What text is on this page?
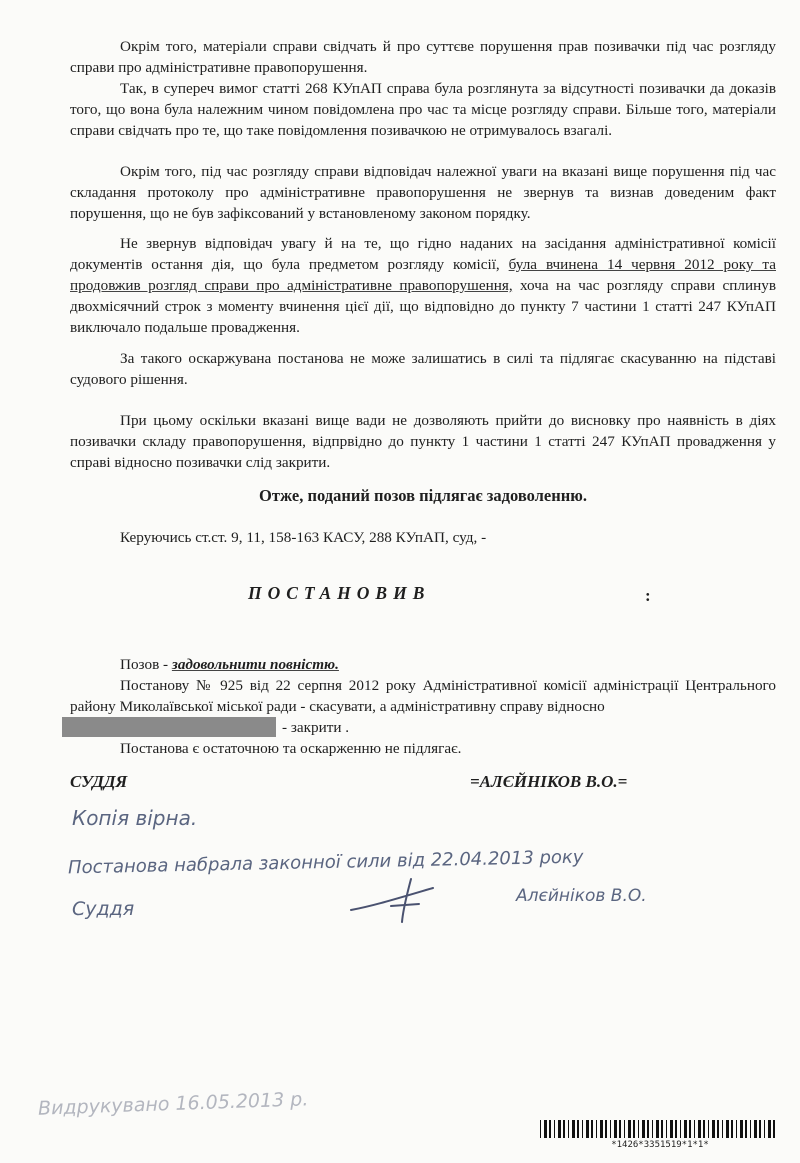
Окрім того, матеріали справи свідчать й про суттєве порушення прав позивачки під час розгляду справи про адміністративне правопорушення.

Так, в супереч вимог статті 268 КУпАП справа була розглянута за відсутності позивачки да доказів того, що вона була належним чином повідомлена про час та місце розгляду справи. Більше того, матеріали справи свідчать про те, що таке повідомлення позивачкою не отримувалось взагалі.

Окрім того, під час розгляду справи відповідач належної уваги на вказані вище порушення під час складання протоколу про адміністративне правопорушення не звернув та визнав доведеним факт порушення, що не був зафіксований у встановленому законом порядку.

Не звернув відповідач увагу й на те, що гідно наданих на засідання адміністративної комісії документів остання дія, що була предметом розгляду комісії, була вчинена 14 червня 2012 року та продовжив розгляд справи про адміністративне правопорушення, хоча на час розгляду справи сплинув двохмісячний строк з моменту вчинення цієї дії, що відповідно до пункту 7 частини 1 статті 247 КУпАП виключало подальше провадження.

За такого оскаржувана постанова не може залишатись в силі та підлягає скасуванню на підставі судового рішення.

При цьому оскільки вказані вище вади не дозволяють прийти до висновку про наявність в діях позивачки складу правопорушення, відпрвідно до пункту 1 частини 1 статті 247 КУпАП провадження у справі відносно позивачки слід закрити.

Отже, поданий позов підлягає задоволенню.

Керуючись ст.ст. 9, 11, 158-163 КАСУ, 288 КУпАП, суд, -

ПОСТАНОВИВ	:

Позов - задовольнити повністю.

Постанову № 925 від 22 серпня 2012 року Адміністративної комісії адміністрації Центрального району Миколаївської міської ради - скасувати, а адміністративну справу відносно

- закрити .

Постанова є остаточною та оскарженню не підлягає.

СУДДЯ	=АЛЄЙНІКОВ В.О.=
Копія вірна.
Постанова набрала законної сили від 22.04.2013 року
Суддя
Алєйніков В.О.
Видрукувано 16.05.2013 р.
*1426*3351519*1*1*
